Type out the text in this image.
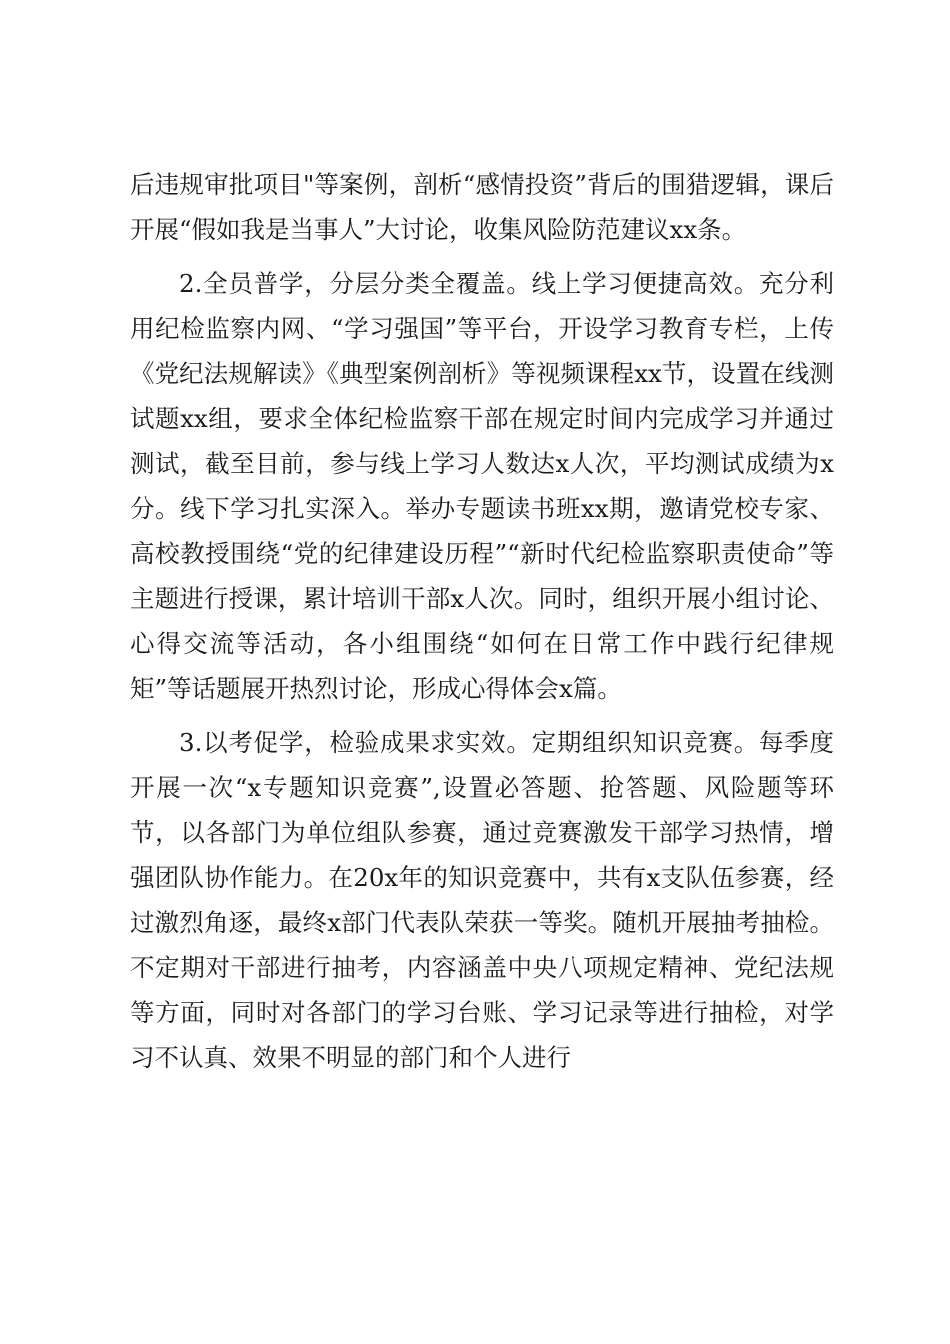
后违规审批项目"等案例，剖析“感情投资”背后的围猎逻辑，课后开展“假如我是当事人”大讨论，收集风险防范建议xx条。

2.全员普学，分层分类全覆盖。线上学习便捷高效。充分利用纪检监察内网、“学习强国”等平台，开设学习教育专栏，上传《党纪法规解读》《典型案例剖析》等视频课程xx节，设置在线测试题xx组，要求全体纪检监察干部在规定时间内完成学习并通过测试，截至目前，参与线上学习人数达x人次，平均测试成绩为x分。线下学习扎实深入。举办专题读书班xx期，邀请党校专家、高校教授围绕“党的纪律建设历程”“新时代纪检监察职责使命”等主题进行授课，累计培训干部x人次。同时，组织开展小组讨论、心得交流等活动，各小组围绕“如何在日常工作中践行纪律规矩”等话题展开热烈讨论，形成心得体会x篇。

3.以考促学，检验成果求实效。定期组织知识竞赛。每季度开展一次“x专题知识竞赛”,设置必答题、抢答题、风险题等环节，以各部门为单位组队参赛，通过竞赛激发干部学习热情，增强团队协作能力。在20x年的知识竞赛中，共有x支队伍参赛，经过激烈角逐，最终x部门代表队荣获一等奖。随机开展抽考抽检。不定期对干部进行抽考，内容涵盖中央八项规定精神、党纪法规等方面，同时对各部门的学习台账、学习记录等进行抽检，对学习不认真、效果不明显的部门和个人进行
